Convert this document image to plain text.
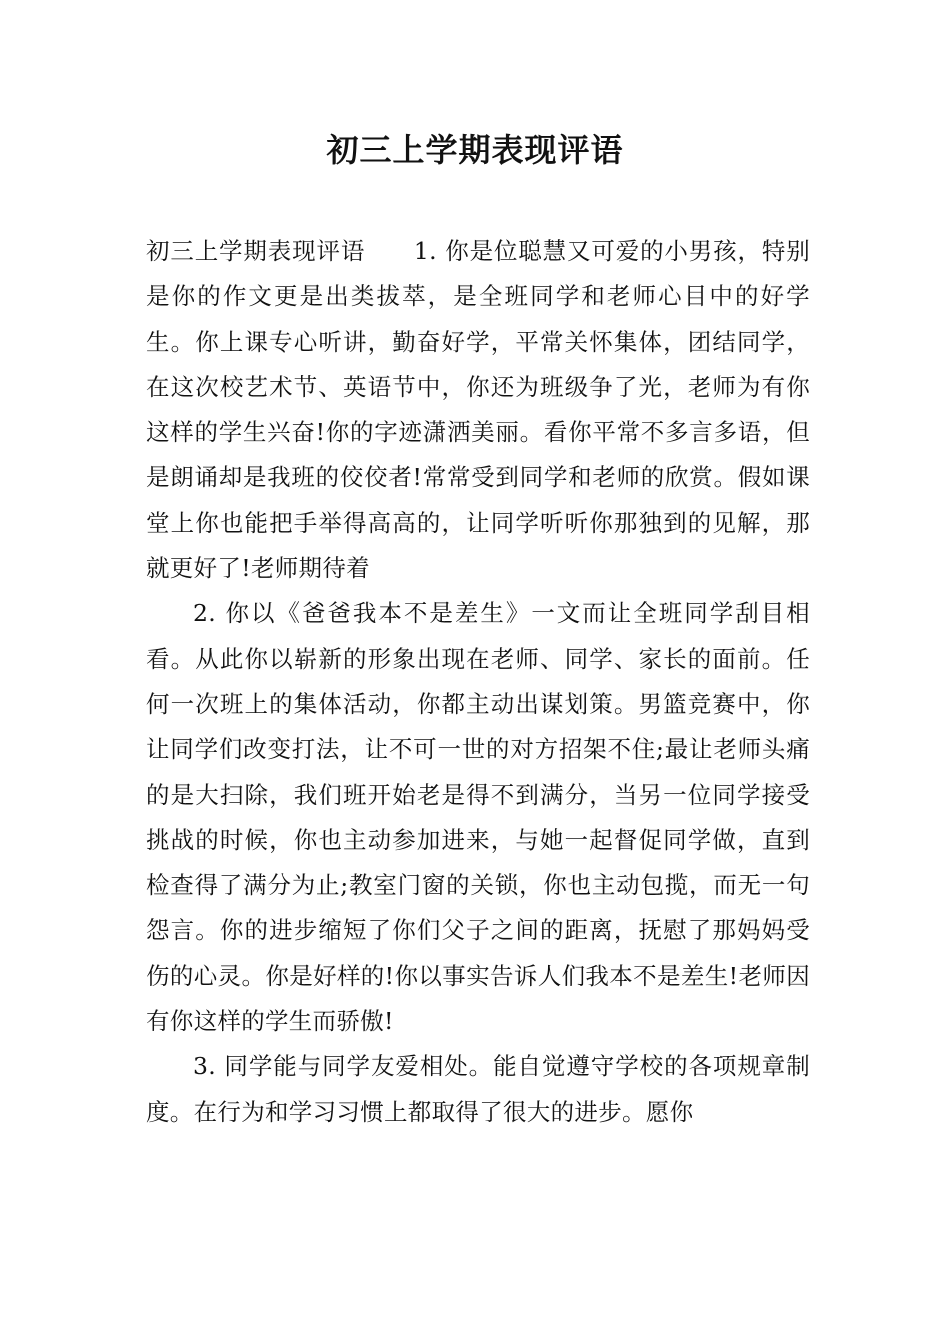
初三上学期表现评语

初三上学期表现评语　　1. 你是位聪慧又可爱的小男孩，特别是你的作文更是出类拔萃，是全班同学和老师心目中的好学生。你上课专心听讲，勤奋好学，平常关怀集体，团结同学，在这次校艺术节、英语节中，你还为班级争了光，老师为有你这样的学生兴奋!你的字迹潇洒美丽。看你平常不多言多语，但是朗诵却是我班的佼佼者!常常受到同学和老师的欣赏。假如课堂上你也能把手举得高高的，让同学听听你那独到的见解，那就更好了!老师期待着

2. 你以《爸爸我本不是差生》一文而让全班同学刮目相看。从此你以崭新的形象出现在老师、同学、家长的面前。任何一次班上的集体活动，你都主动出谋划策。男篮竞赛中，你让同学们改变打法，让不可一世的对方招架不住;最让老师头痛的是大扫除，我们班开始老是得不到满分，当另一位同学接受挑战的时候，你也主动参加进来，与她一起督促同学做，直到检查得了满分为止;教室门窗的关锁，你也主动包揽，而无一句怨言。你的进步缩短了你们父子之间的距离，抚慰了那妈妈受伤的心灵。你是好样的!你以事实告诉人们我本不是差生!老师因有你这样的学生而骄傲!

3. 同学能与同学友爱相处。能自觉遵守学校的各项规章制度。在行为和学习习惯上都取得了很大的进步。愿你
